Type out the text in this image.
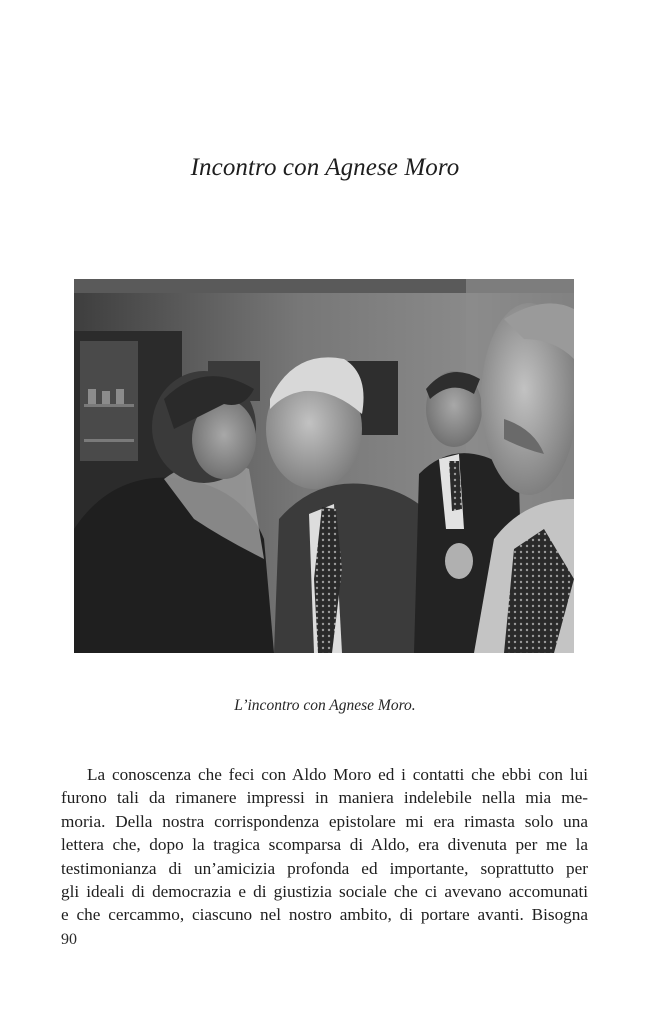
Incontro con Agnese Moro
L’incontro con Agnese Moro.
La conoscenza che feci con Aldo Moro ed i contatti che ebbi con lui
furono tali da rimanere impressi in maniera indelebile nella mia me-
moria. Della nostra corrispondenza epistolare mi era rimasta solo una
lettera che, dopo la tragica scomparsa di Aldo, era divenuta per me la
testimonianza di un’amicizia profonda ed importante, soprattutto per
gli ideali di democrazia e di giustizia sociale che ci avevano accomunati
e che cercammo, ciascuno nel nostro ambito, di portare avanti. Bisogna
90
